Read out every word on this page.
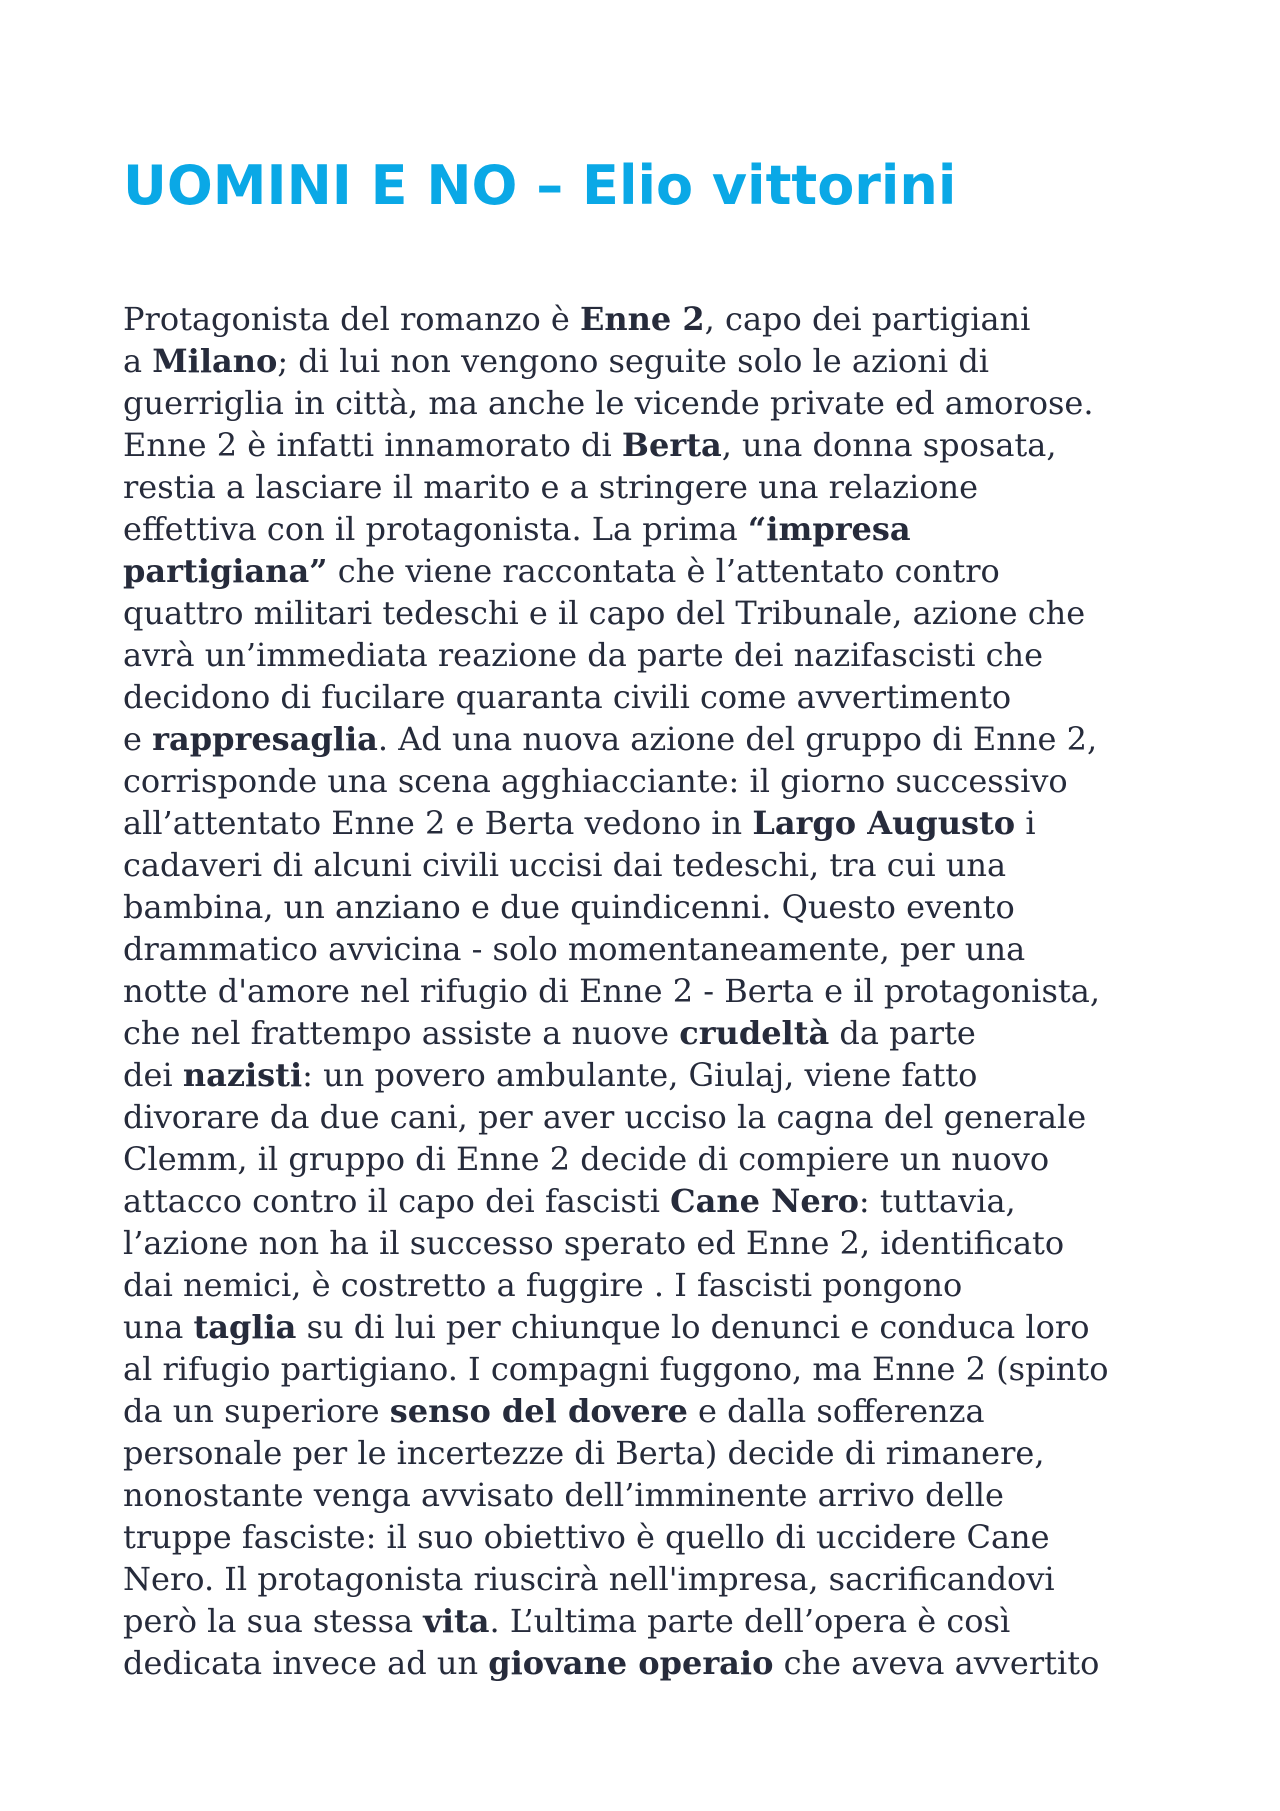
UOMINI E NO – Elio vittorini
Protagonista del romanzo è Enne 2, capo dei partigiani
a Milano; di lui non vengono seguite solo le azioni di
guerriglia in città, ma anche le vicende private ed amorose.
Enne 2 è infatti innamorato di Berta, una donna sposata,
restia a lasciare il marito e a stringere una relazione
effettiva con il protagonista. La prima “impresa
partigiana” che viene raccontata è l’attentato contro
quattro militari tedeschi e il capo del Tribunale, azione che
avrà un’immediata reazione da parte dei nazifascisti che
decidono di fucilare quaranta civili come avvertimento
e rappresaglia. Ad una nuova azione del gruppo di Enne 2,
corrisponde una scena agghiacciante: il giorno successivo
all’attentato Enne 2 e Berta vedono in Largo Augusto i
cadaveri di alcuni civili uccisi dai tedeschi, tra cui una
bambina, un anziano e due quindicenni. Questo evento
drammatico avvicina - solo momentaneamente, per una
notte d'amore nel rifugio di Enne 2 - Berta e il protagonista,
che nel frattempo assiste a nuove crudeltà da parte
dei nazisti: un povero ambulante, Giulaj, viene fatto
divorare da due cani, per aver ucciso la cagna del generale
Clemm, il gruppo di Enne 2 decide di compiere un nuovo
attacco contro il capo dei fascisti Cane Nero: tuttavia,
l’azione non ha il successo sperato ed Enne 2, identificato
dai nemici, è costretto a fuggire . I fascisti pongono
una taglia su di lui per chiunque lo denunci e conduca loro
al rifugio partigiano. I compagni fuggono, ma Enne 2 (spinto
da un superiore senso del dovere e dalla sofferenza
personale per le incertezze di Berta) decide di rimanere,
nonostante venga avvisato dell’imminente arrivo delle
truppe fasciste: il suo obiettivo è quello di uccidere Cane
Nero. Il protagonista riuscirà nell'impresa, sacrificandovi
però la sua stessa vita. L’ultima parte dell’opera è così
dedicata invece ad un giovane operaio che aveva avvertito
